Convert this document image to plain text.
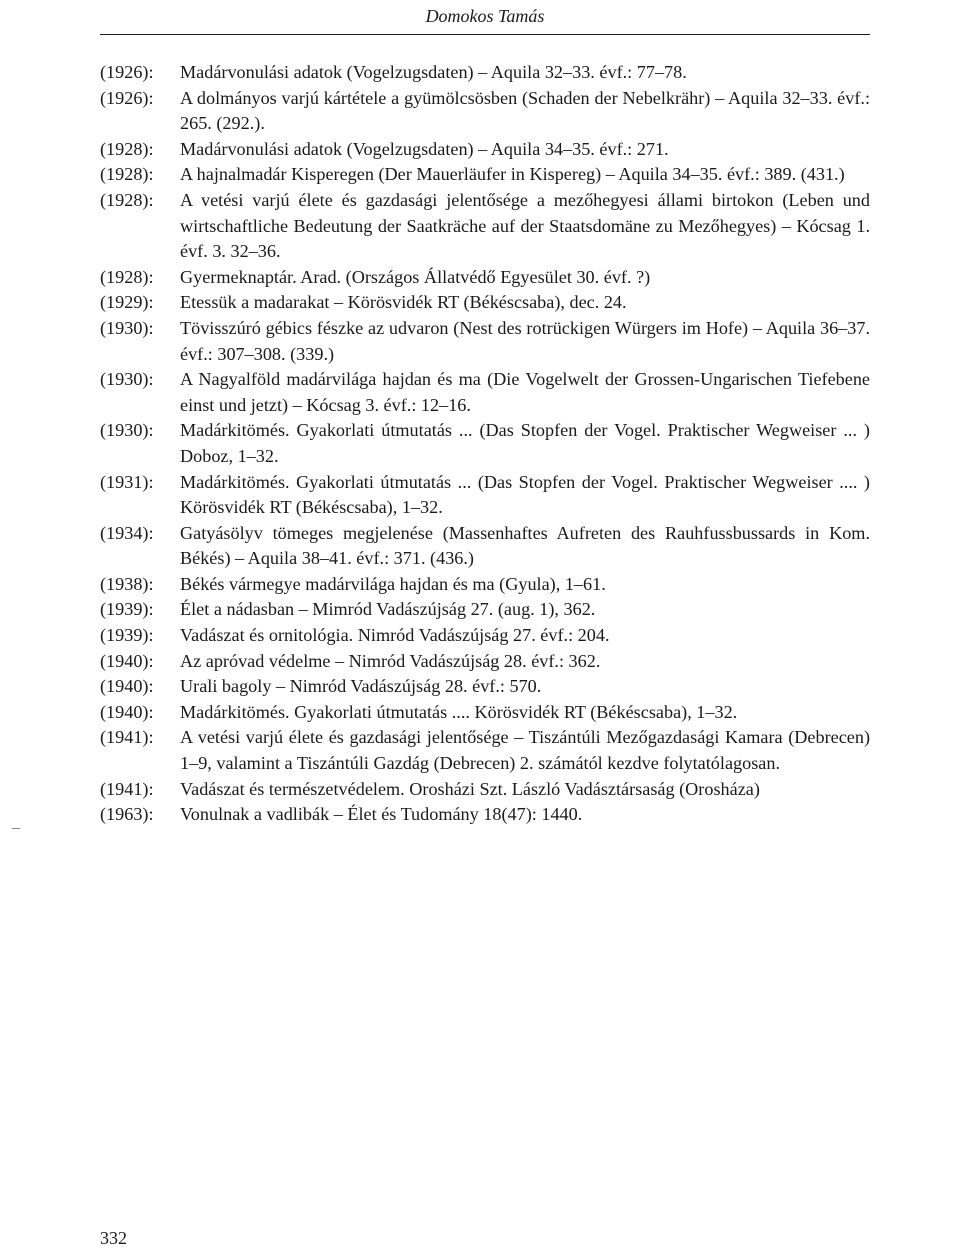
Domokos Tamás
(1926):	Madárvonulási adatok (Vogelzugsdaten) – Aquila 32–33. évf.: 77–78.
(1926):	A dolmányos varjú kártétele a gyümölcsösben (Schaden der Nebelkrähr) – Aquila 32–33. évf.: 265. (292.).
(1928):	Madárvonulási adatok (Vogelzugsdaten) – Aquila 34–35. évf.: 271.
(1928):	A hajnalmadár Kisperegen (Der Mauerläufer in Kispereg) – Aquila 34–35. évf.: 389. (431.)
(1928):	A vetési varjú élete és gazdasági jelentősége a mezőhegyesi állami birtokon (Leben und wirtschaftliche Bedeutung der Saatkräche auf der Staatsdomäne zu Mezőhegyes) – Kócsag 1. évf. 3. 32–36.
(1928):	Gyermeknaptár. Arad. (Országos Állatvédő Egyesület 30. évf. ?)
(1929):	Etessük a madarakat – Körösvidék RT (Békéscsaba), dec. 24.
(1930):	Tövisszúró gébics fészke az udvaron (Nest des rotrückigen Würgers im Hofe) – Aquila 36–37. évf.: 307–308. (339.)
(1930):	A Nagyalföld madárvilága hajdan és ma (Die Vogelwelt der Grossen-Ungarischen Tiefebene einst und jetzt) – Kócsag 3. évf.: 12–16.
(1930):	Madárkitömés. Gyakorlati útmutatás ... (Das Stopfen der Vogel. Praktischer Wegweiser ... ) Doboz, 1–32.
(1931):	Madárkitömés. Gyakorlati útmutatás ... (Das Stopfen der Vogel. Praktischer Wegweiser .... ) Körösvidék RT (Békéscsaba), 1–32.
(1934):	Gatyásölyv tömeges megjelenése (Massenhaftes Aufreten des Rauhfussbussards in Kom. Békés) – Aquila 38–41. évf.: 371. (436.)
(1938):	Békés vármegye madárvilága hajdan és ma (Gyula), 1–61.
(1939):	Élet a nádasban – Mimród Vadászújság 27. (aug. 1), 362.
(1939):	Vadászat és ornitológia. Nimród Vadászújság 27. évf.: 204.
(1940):	Az apróvad védelme – Nimród Vadászújság 28. évf.: 362.
(1940):	Urali bagoly – Nimród Vadászújság 28. évf.: 570.
(1940):	Madárkitömés. Gyakorlati útmutatás .... Körösvidék RT (Békéscsaba), 1–32.
(1941):	A vetési varjú élete és gazdasági jelentősége – Tiszántúli Mezőgazdasági Kamara (Debrecen) 1–9, valamint a Tiszántúli Gazdág (Debrecen) 2. számától kezdve folytatólagosan.
(1941):	Vadászat és természetvédelem. Orosházi Szt. László Vadásztársaság (Orosháza)
(1963):	Vonulnak a vadlibák – Élet és Tudomány 18(47): 1440.
332
